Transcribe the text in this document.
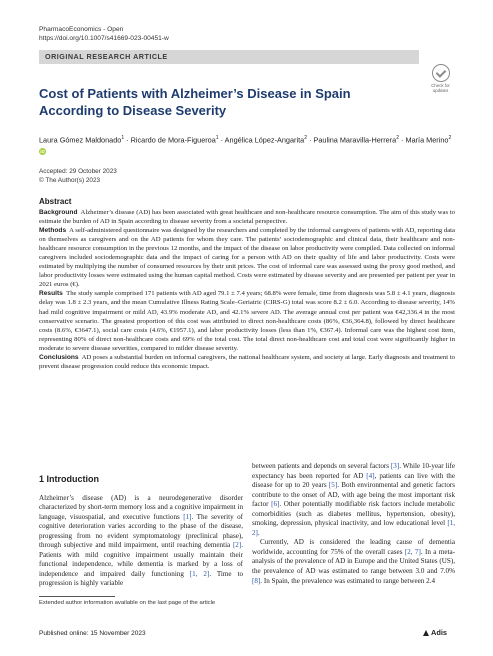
PharmacoEconomics - Open
https://doi.org/10.1007/s41669-023-00451-w
ORIGINAL RESEARCH ARTICLE
Check for updates
Cost of Patients with Alzheimer’s Disease in Spain According to Disease Severity
Laura Gómez Maldonado$^1$ · Ricardo de Mora-Figueroa$^1$ · Angélica López-Angarita$^2$ · Paulina Maravilla-Herrera$^2$ · María Merino$^2$ iD
Accepted: 29 October 2023
© The Author(s) 2023
Abstract

Background Alzheimer’s disease (AD) has been associated with great healthcare and non-healthcare resource consumption. The aim of this study was to estimate the burden of AD in Spain according to disease severity from a societal perspective.

Methods A self-administered questionnaire was designed by the researchers and completed by the informal caregivers of patients with AD, reporting data on themselves as caregivers and on the AD patients for whom they care. The patients’ sociodemographic and clinical data, their healthcare and non-healthcare resource consumption in the previous 12 months, and the impact of the disease on labor productivity were compiled. Data collected on informal caregivers included sociodemographic data and the impact of caring for a person with AD on their quality of life and labor productivity. Costs were estimated by multiplying the number of consumed resources by their unit prices. The cost of informal care was assessed using the proxy good method, and labor productivity losses were estimated using the human capital method. Costs were estimated by disease severity and are presented per patient per year in 2021 euros (€).

Results The study sample comprised 171 patients with AD aged 79.1 ± 7.4 years; 68.8% were female, time from diagnosis was 5.8 ± 4.1 years, diagnosis delay was 1.8 ± 2.3 years, and the mean Cumulative Illness Rating Scale–Geriatric (CIRS-G) total was score 8.2 ± 6.0. According to disease severity, 14% had mild cognitive impairment or mild AD, 43.9% moderate AD, and 42.1% severe AD. The average annual cost per patient was €42,336.4 in the most conservative scenario. The greatest proportion of this cost was attributed to direct non-healthcare costs (86%, €36,364.8), followed by direct healthcare costs (8.6%, €3647.1), social care costs (4.6%, €1957.1), and labor productivity losses (less than 1%, €367.4). Informal care was the highest cost item, representing 80% of direct non-healthcare costs and 69% of the total cost. The total direct non-healthcare cost and total cost were significantly higher in moderate to severe disease severities, compared to milder disease severity.

Conclusions AD poses a substantial burden on informal caregivers, the national healthcare system, and society at large. Early diagnosis and treatment to prevent disease progression could reduce this economic impact.

1 Introduction

Alzheimer’s disease (AD) is a neurodegenerative disorder characterized by short-term memory loss and a cognitive impairment in language, visuospatial, and executive functions [1]. The severity of cognitive deterioration varies according to the phase of the disease, progressing from no evident symptomatology (preclinical phase), through subjective and mild impairment, until reaching dementia [2]. Patients with mild cognitive impairment usually maintain their functional independence, while dementia is marked by a loss of independence and impaired daily functioning [1, 2]. Time to progression is highly variable

between patients and depends on several factors [3]. While 10-year life expectancy has been reported for AD [4], patients can live with the disease for up to 20 years [5]. Both environmental and genetic factors contribute to the onset of AD, with age being the most important risk factor [6]. Other potentially modifiable risk factors include metabolic comorbidities (such as diabetes mellitus, hypertension, obesity), smoking, depression, physical inactivity, and low educational level [1, 2].

Currently, AD is considered the leading cause of dementia worldwide, accounting for 75% of the overall cases [2, 7]. In a meta-analysis of the prevalence of AD in Europe and the United States (US), the prevalence of AD was estimated to range between 3.0 and 7.0% [8]. In Spain, the prevalence was estimated to range between 2.4

Extended author information available on the last page of the article
Published online: 15 November 2023	Adis
